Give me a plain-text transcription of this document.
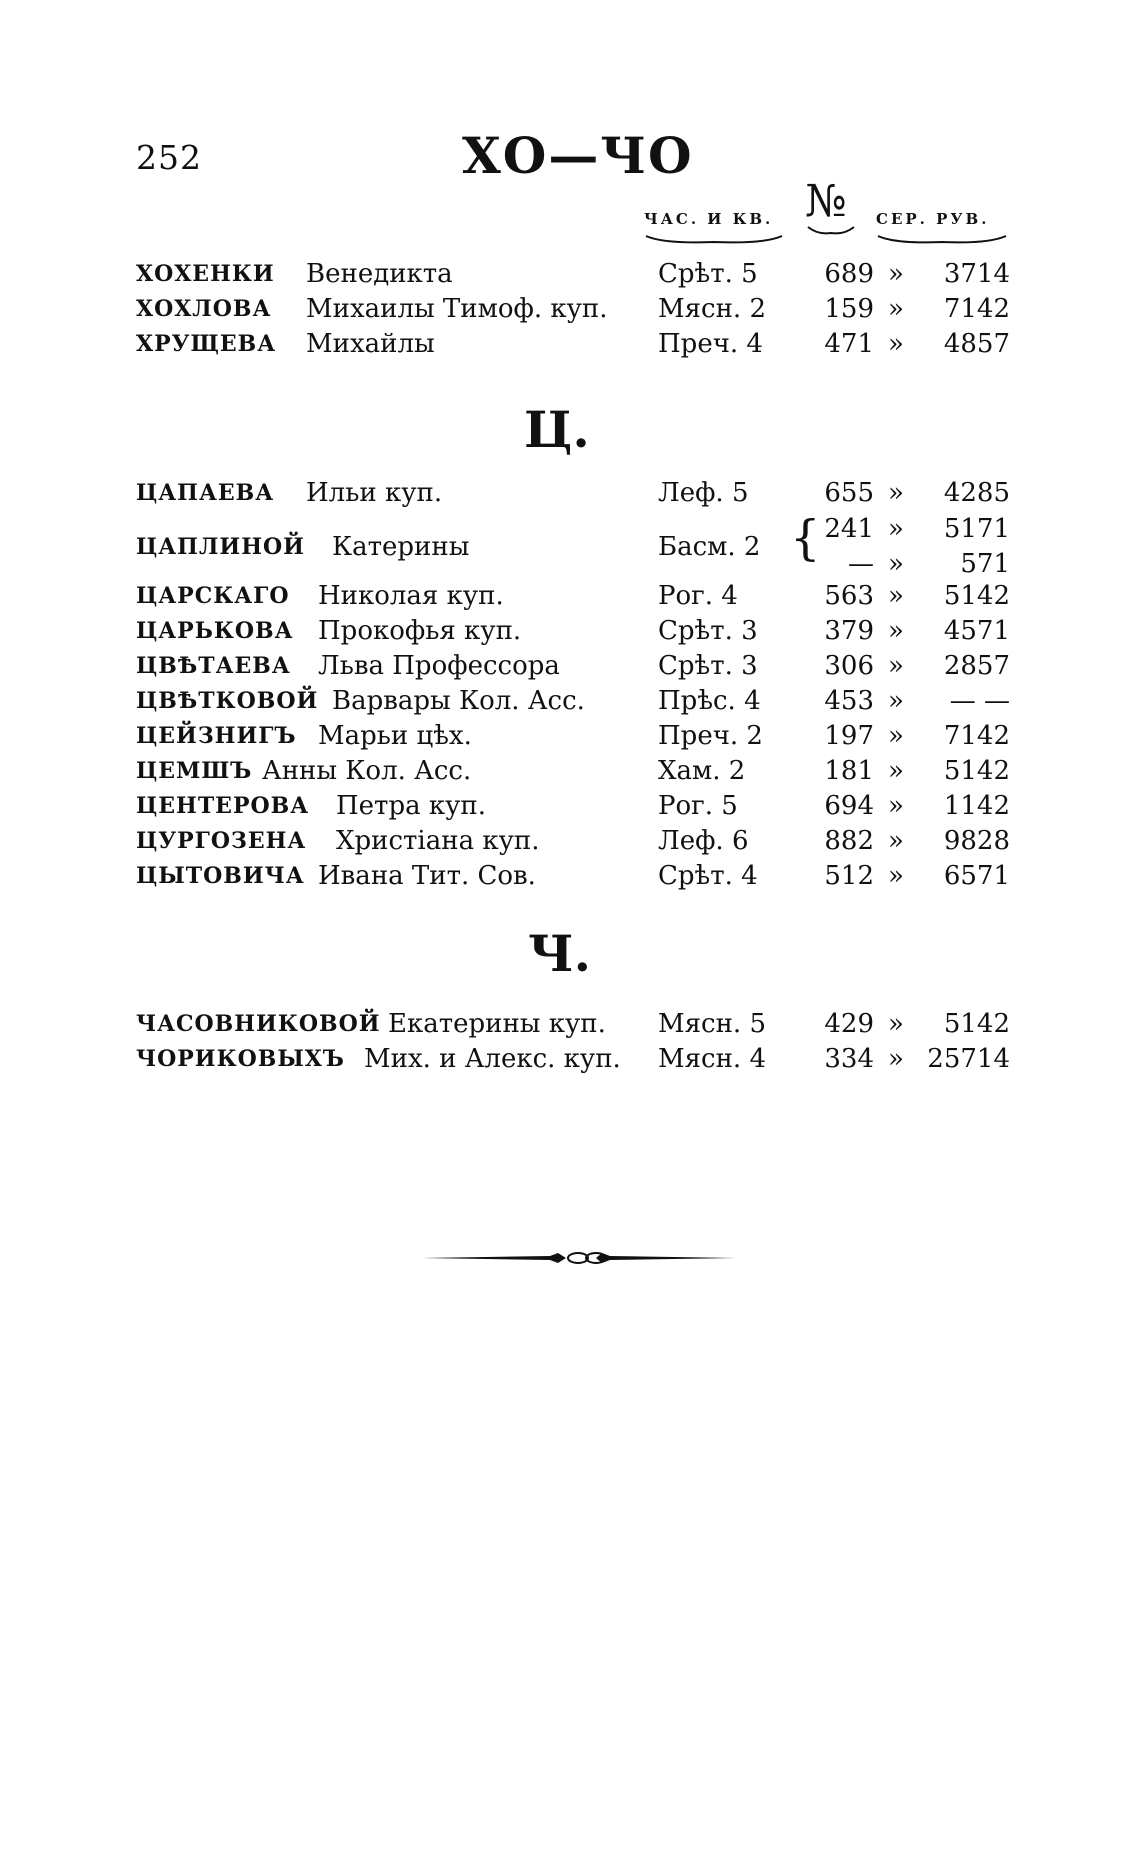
252	ХО—ЧО
ЧАС. И КВ. № СЕР. РУВ.
ХОХЕНКИ Венедикта	Срѣт. 5	689 »	3714
ХОХЛОВА Михаилы Тимоф. куп. Мясн. 2	159 »	7142
ХРУЩЕВА Михайлы	Преч. 4	471 »	4857
Ц.
ЦАПАЕВА Ильи куп.	Леф. 5	655 »	4285
ЦАПЛИНОЙ Катерины	Басм. 2 { 241 »	5171
— »	571
ЦАРСКАГО Николая куп.	Рог. 4	563 »	5142
ЦАРЬКОВА Прокофья куп.	Срѣт. 3	379 »	4571
ЦВѢТАЕВА Льва Профессора	Срѣт. 3	306 »	2857
ЦВѢТКОВОЙ Варвары Кол. Асс.	Прѣс. 4	453 »	— —
ЦЕЙЗНИГЪ Марьи цѣх.	Преч. 2	197 »	7142
ЦЕМШЪ Анны Кол. Асс.	Хам. 2	181 »	5142
ЦЕНТЕРОВА Петра куп.	Рог. 5	694 »	1142
ЦУРГОЗЕНА Христіана куп.	Леф. 6	882 »	9828
ЦЫТОВИЧА Ивана Тит. Сов.	Срѣт. 4	512 »	6571
Ч.
ЧАСОВНИКОВОЙ Екатерины куп. Мясн. 5	429 »	5142
ЧОРИКОВЫХЪ Мих. и Алекс. куп. Мясн. 4	334 » 25714
